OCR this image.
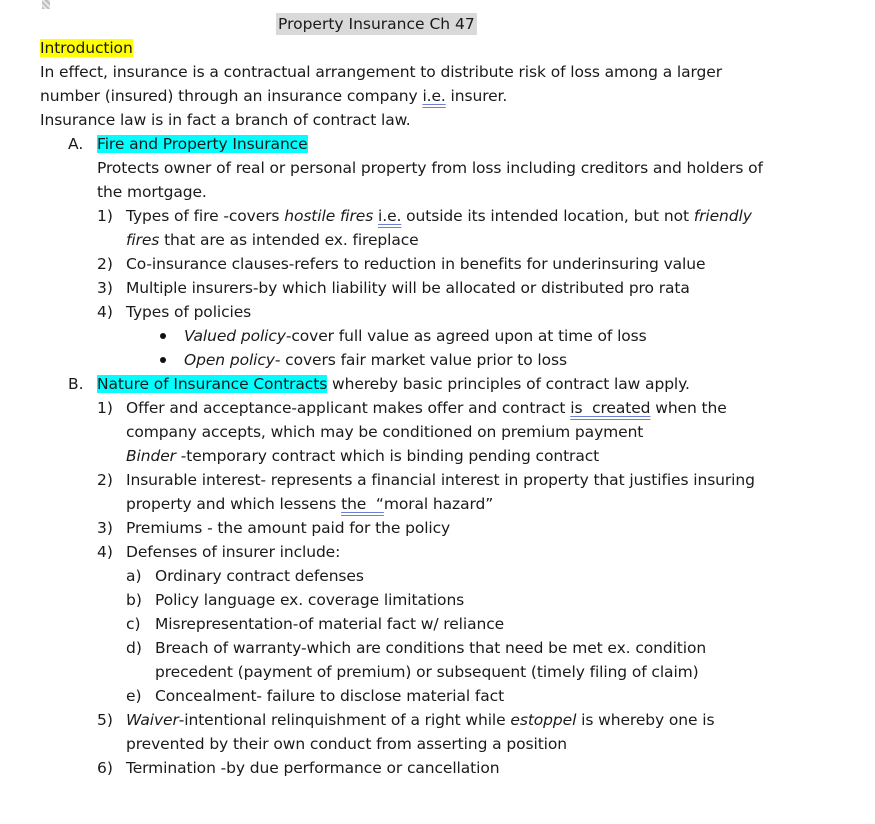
Property Insurance Ch 47
Introduction
In effect, insurance is a contractual arrangement to distribute risk of loss among a larger
number (insured) through an insurance company i.e. insurer.
Insurance law is in fact a branch of contract law.
A. Fire and Property Insurance
Protects owner of real or personal property from loss including creditors and holders of
the mortgage.
1) Types of fire -covers hostile fires i.e. outside its intended location, but not friendly
fires that are as intended ex. fireplace
2) Co-insurance clauses-refers to reduction in benefits for underinsuring value
3) Multiple insurers-by which liability will be allocated or distributed pro rata
4) Types of policies
Valued policy-cover full value as agreed upon at time of loss
Open policy- covers fair market value prior to loss
B. Nature of Insurance Contracts whereby basic principles of contract law apply.
1) Offer and acceptance-applicant makes offer and contract is  created when the
company accepts, which may be conditioned on premium payment
Binder -temporary contract which is binding pending contract
2) Insurable interest- represents a financial interest in property that justifies insuring
property and which lessens the  “moral hazard”
3) Premiums - the amount paid for the policy
4) Defenses of insurer include:
a) Ordinary contract defenses
b) Policy language ex. coverage limitations
c) Misrepresentation-of material fact w/ reliance
d) Breach of warranty-which are conditions that need be met ex. condition
precedent (payment of premium) or subsequent (timely filing of claim)
e) Concealment- failure to disclose material fact
5) Waiver-intentional relinquishment of a right while estoppel is whereby one is
prevented by their own conduct from asserting a position
6) Termination -by due performance or cancellation
